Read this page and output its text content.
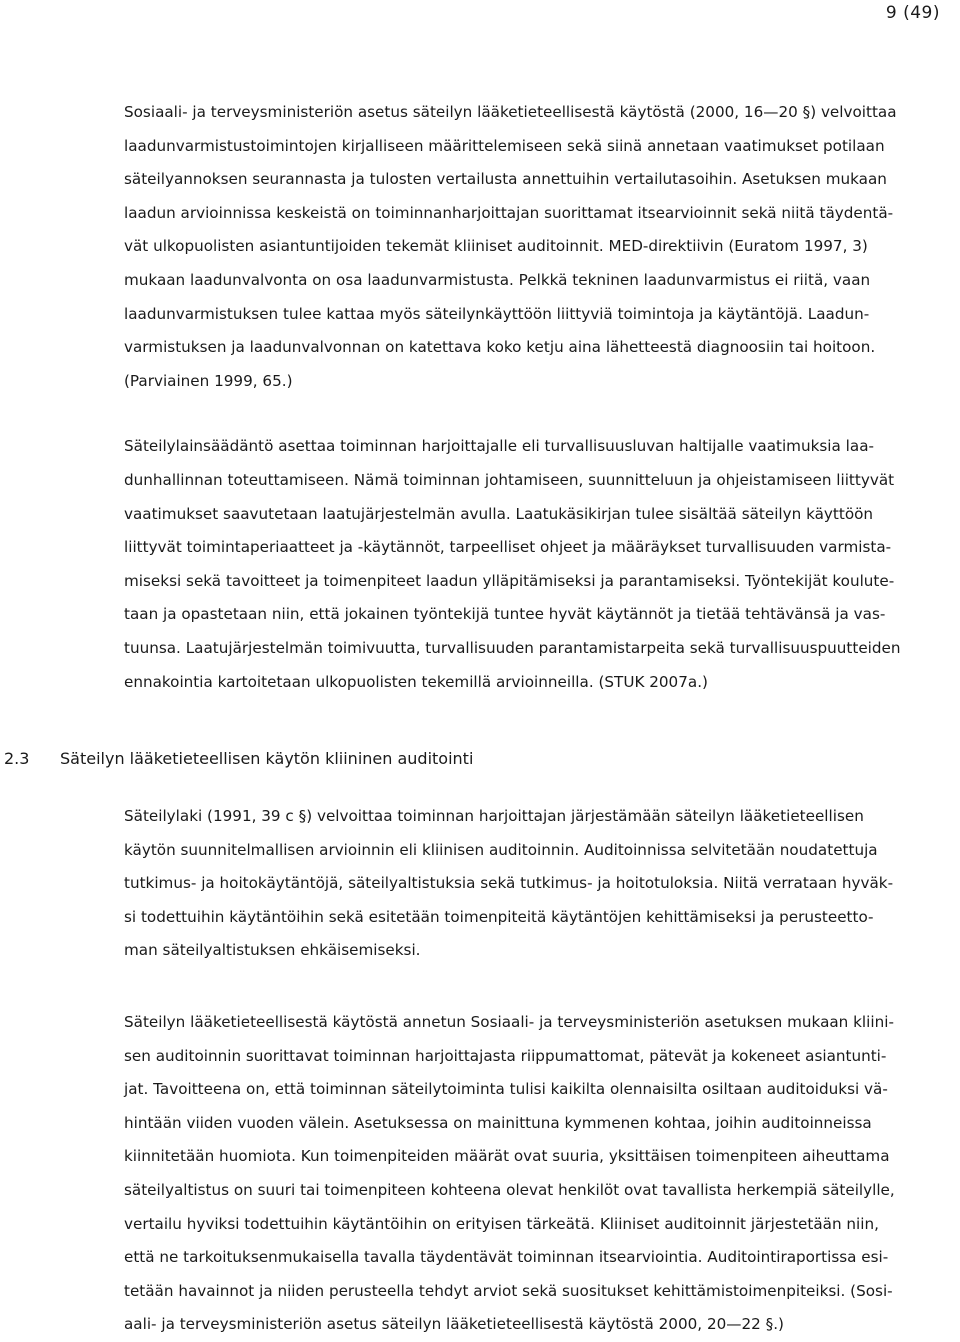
9 (49)

Sosiaali- ja terveysministeriön asetus säteilyn lääketieteellisestä käytöstä (2000, 16—20 §) velvoittaa
laadunvarmistustoimintojen kirjalliseen määrittelemiseen sekä siinä annetaan vaatimukset potilaan
säteilyannoksen seurannasta ja tulosten vertailusta annettuihin vertailutasoihin. Asetuksen mukaan
laadun arvioinnissa keskeistä on toiminnanharjoittajan suorittamat itsearvioinnit sekä niitä täydentä-
vät ulkopuolisten asiantuntijoiden tekemät kliiniset auditoinnit. MED-direktiivin (Euratom 1997, 3)
mukaan laadunvalvonta on osa laadunvarmistusta. Pelkkä tekninen laadunvarmistus ei riitä, vaan
laadunvarmistuksen tulee kattaa myös säteilynkäyttöön liittyviä toimintoja ja käytäntöjä. Laadun-
varmistuksen ja laadunvalvonnan on katettava koko ketju aina lähetteestä diagnoosiin tai hoitoon.
(Parviainen 1999, 65.)

Säteilylainsäädäntö asettaa toiminnan harjoittajalle eli turvallisuusluvan haltijalle vaatimuksia laa-
dunhallinnan toteuttamiseen. Nämä toiminnan johtamiseen, suunnitteluun ja ohjeistamiseen liittyvät
vaatimukset saavutetaan laatujärjestelmän avulla. Laatukäsikirjan tulee sisältää säteilyn käyttöön
liittyvät toimintaperiaatteet ja -käytännöt, tarpeelliset ohjeet ja määräykset turvallisuuden varmista-
miseksi sekä tavoitteet ja toimenpiteet laadun ylläpitämiseksi ja parantamiseksi. Työntekijät koulute-
taan ja opastetaan niin, että jokainen työntekijä tuntee hyvät käytännöt ja tietää tehtävänsä ja vas-
tuunsa. Laatujärjestelmän toimivuutta, turvallisuuden parantamistarpeita sekä turvallisuuspuutteiden
ennakointia kartoitetaan ulkopuolisten tekemillä arvioinneilla. (STUK 2007a.)

2.3 Säteilyn lääketieteellisen käytön kliininen auditointi

Säteilylaki (1991, 39 c §) velvoittaa toiminnan harjoittajan järjestämään säteilyn lääketieteellisen
käytön suunnitelmallisen arvioinnin eli kliinisen auditoinnin. Auditoinnissa selvitetään noudatettuja
tutkimus- ja hoitokäytäntöjä, säteilyaltistuksia sekä tutkimus- ja hoitotuloksia. Niitä verrataan hyväk-
si todettuihin käytäntöihin sekä esitetään toimenpiteitä käytäntöjen kehittämiseksi ja perusteetto-
man säteilyaltistuksen ehkäisemiseksi.

Säteilyn lääketieteellisestä käytöstä annetun Sosiaali- ja terveysministeriön asetuksen mukaan kliini-
sen auditoinnin suorittavat toiminnan harjoittajasta riippumattomat, pätevät ja kokeneet asiantunti-
jat. Tavoitteena on, että toiminnan säteilytoiminta tulisi kaikilta olennaisilta osiltaan auditoiduksi vä-
hintään viiden vuoden välein. Asetuksessa on mainittuna kymmenen kohtaa, joihin auditoinneissa
kiinnitetään huomiota. Kun toimenpiteiden määrät ovat suuria, yksittäisen toimenpiteen aiheuttama
säteilyaltistus on suuri tai toimenpiteen kohteena olevat henkilöt ovat tavallista herkempiä säteilylle,
vertailu hyviksi todettuihin käytäntöihin on erityisen tärkeätä. Kliiniset auditoinnit järjestetään niin,
että ne tarkoituksenmukaisella tavalla täydentävät toiminnan itsearviointia. Auditointiraportissa esi-
tetään havainnot ja niiden perusteella tehdyt arviot sekä suositukset kehittämistoimenpiteiksi. (Sosi-
aali- ja terveysministeriön asetus säteilyn lääketieteellisestä käytöstä 2000, 20—22 §.)
